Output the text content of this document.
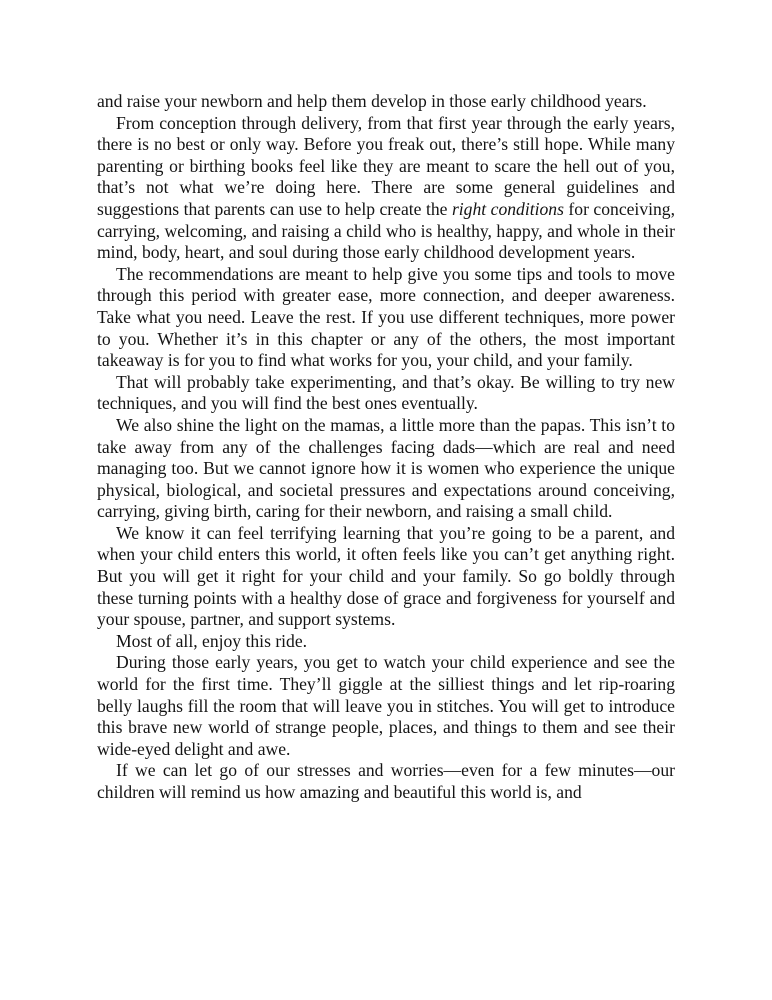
and raise your newborn and help them develop in those early childhood years.

From conception through delivery, from that first year through the early years, there is no best or only way. Before you freak out, there’s still hope. While many parenting or birthing books feel like they are meant to scare the hell out of you, that’s not what we’re doing here. There are some general guidelines and suggestions that parents can use to help create the right conditions for conceiving, carrying, welcoming, and raising a child who is healthy, happy, and whole in their mind, body, heart, and soul during those early childhood development years.

The recommendations are meant to help give you some tips and tools to move through this period with greater ease, more connection, and deeper awareness. Take what you need. Leave the rest. If you use different techniques, more power to you. Whether it’s in this chapter or any of the others, the most important takeaway is for you to find what works for you, your child, and your family.

That will probably take experimenting, and that’s okay. Be willing to try new techniques, and you will find the best ones eventually.

We also shine the light on the mamas, a little more than the papas. This isn’t to take away from any of the challenges facing dads—which are real and need managing too. But we cannot ignore how it is women who experience the unique physical, biological, and societal pressures and expectations around conceiving, carrying, giving birth, caring for their newborn, and raising a small child.

We know it can feel terrifying learning that you’re going to be a parent, and when your child enters this world, it often feels like you can’t get anything right. But you will get it right for your child and your family. So go boldly through these turning points with a healthy dose of grace and forgiveness for yourself and your spouse, partner, and support systems.

Most of all, enjoy this ride.

During those early years, you get to watch your child experience and see the world for the first time. They’ll giggle at the silliest things and let rip-roaring belly laughs fill the room that will leave you in stitches. You will get to introduce this brave new world of strange people, places, and things to them and see their wide-eyed delight and awe.

If we can let go of our stresses and worries—even for a few minutes—our children will remind us how amazing and beautiful this world is, and
